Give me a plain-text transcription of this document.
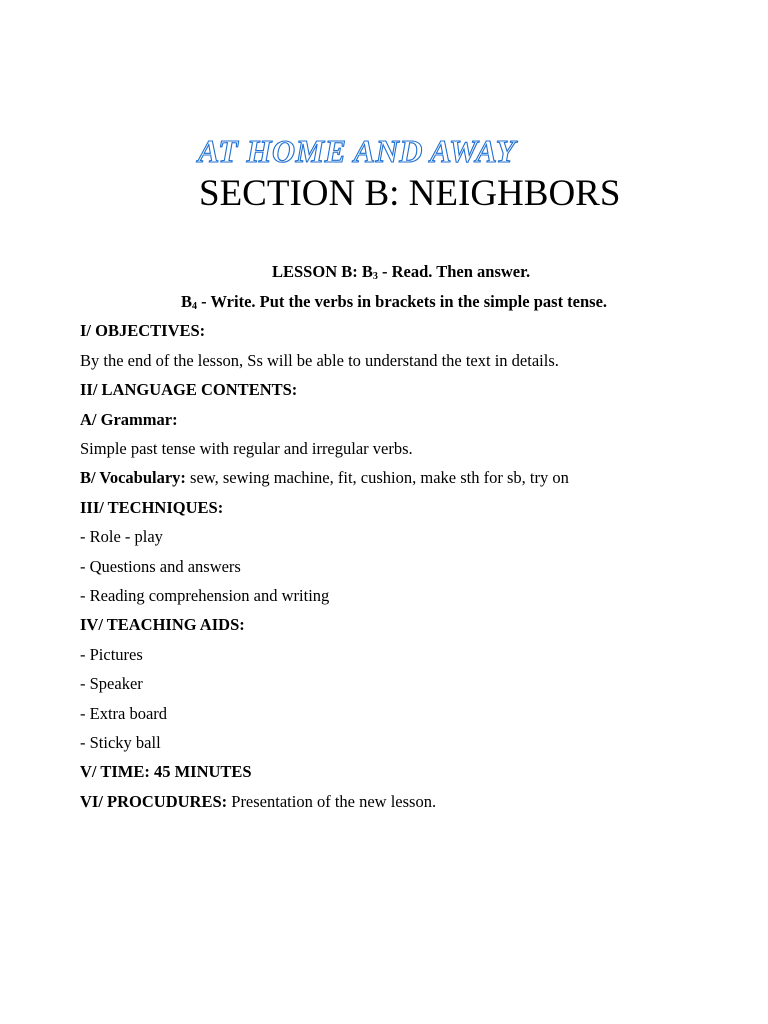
AT HOME AND AWAY
SECTION B: NEIGHBORS

LESSON B: $B_3$ - Read. Then answer.

$B_4$ - Write. Put the verbs in brackets in the simple past tense.

I/ OBJECTIVES:

By the end of the lesson, Ss will be able to understand the text in details.

II/ LANGUAGE CONTENTS:

A/ Grammar:

Simple past tense with regular and irregular verbs.

B/ Vocabulary: sew, sewing machine, fit, cushion, make sth for sb, try on

III/ TECHNIQUES:

- Role - play

- Questions and answers

- Reading comprehension and writing

IV/ TEACHING AIDS:

- Pictures

- Speaker

- Extra board

- Sticky ball

V/ TIME: 45 MINUTES

VI/ PROCUDURES: Presentation of the new lesson.
